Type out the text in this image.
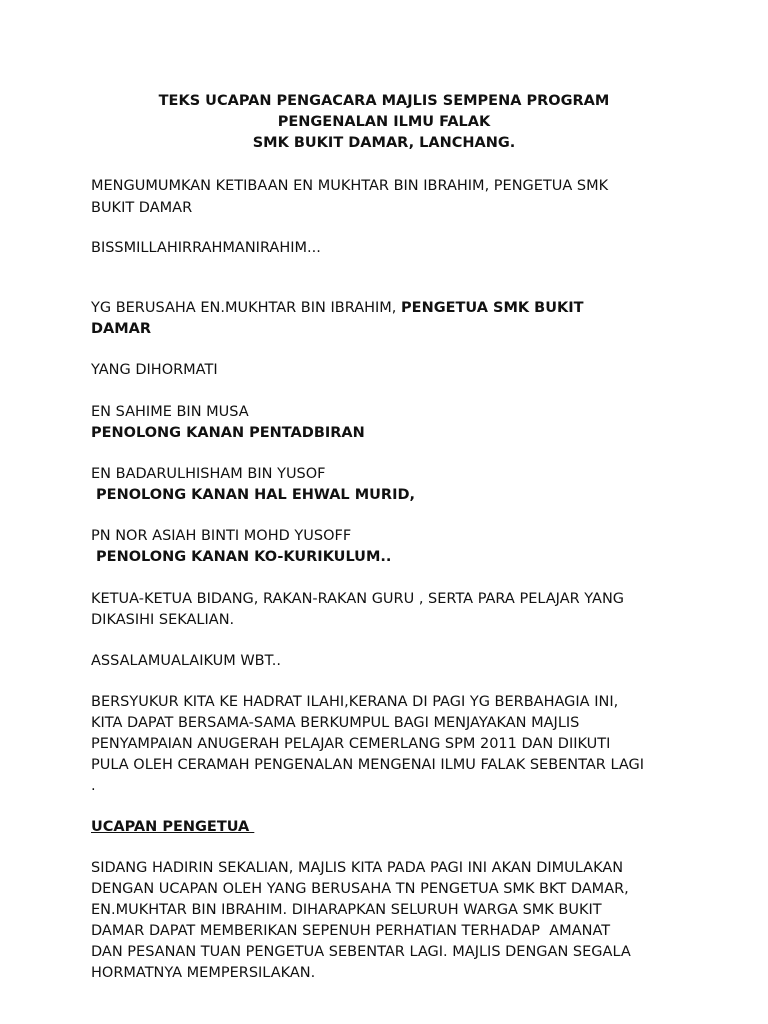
TEKS UCAPAN PENGACARA MAJLIS SEMPENA PROGRAM

PENGENALAN ILMU FALAK

SMK BUKIT DAMAR, LANCHANG.

MENGUMUMKAN KETIBAAN EN MUKHTAR BIN IBRAHIM, PENGETUA SMK

BUKIT DAMAR

BISSMILLAHIRRAHMANIRAHIM...

YG BERUSAHA EN.MUKHTAR BIN IBRAHIM, PENGETUA SMK BUKIT

DAMAR

YANG DIHORMATI

EN SAHIME BIN MUSA

PENOLONG KANAN PENTADBIRAN

EN BADARULHISHAM BIN YUSOF

PENOLONG KANAN HAL EHWAL MURID,

PN NOR ASIAH BINTI MOHD YUSOFF

PENOLONG KANAN KO-KURIKULUM..

KETUA-KETUA BIDANG, RAKAN-RAKAN GURU , SERTA PARA PELAJAR YANG

DIKASIHI SEKALIAN.

ASSALAMUALAIKUM WBT..

BERSYUKUR KITA KE HADRAT ILAHI,KERANA DI PAGI YG BERBAHAGIA INI,

KITA DAPAT BERSAMA-SAMA BERKUMPUL BAGI MENJAYAKAN MAJLIS

PENYAMPAIAN ANUGERAH PELAJAR CEMERLANG SPM 2011 DAN DIIKUTI

PULA OLEH CERAMAH PENGENALAN MENGENAI ILMU FALAK SEBENTAR LAGI

.

UCAPAN PENGETUA

SIDANG HADIRIN SEKALIAN, MAJLIS KITA PADA PAGI INI AKAN DIMULAKAN

DENGAN UCAPAN OLEH YANG BERUSAHA TN PENGETUA SMK BKT DAMAR,

EN.MUKHTAR BIN IBRAHIM. DIHARAPKAN SELURUH WARGA SMK BUKIT

DAMAR DAPAT MEMBERIKAN SEPENUH PERHATIAN TERHADAP  AMANAT

DAN PESANAN TUAN PENGETUA SEBENTAR LAGI. MAJLIS DENGAN SEGALA

HORMATNYA MEMPERSILAKAN.
